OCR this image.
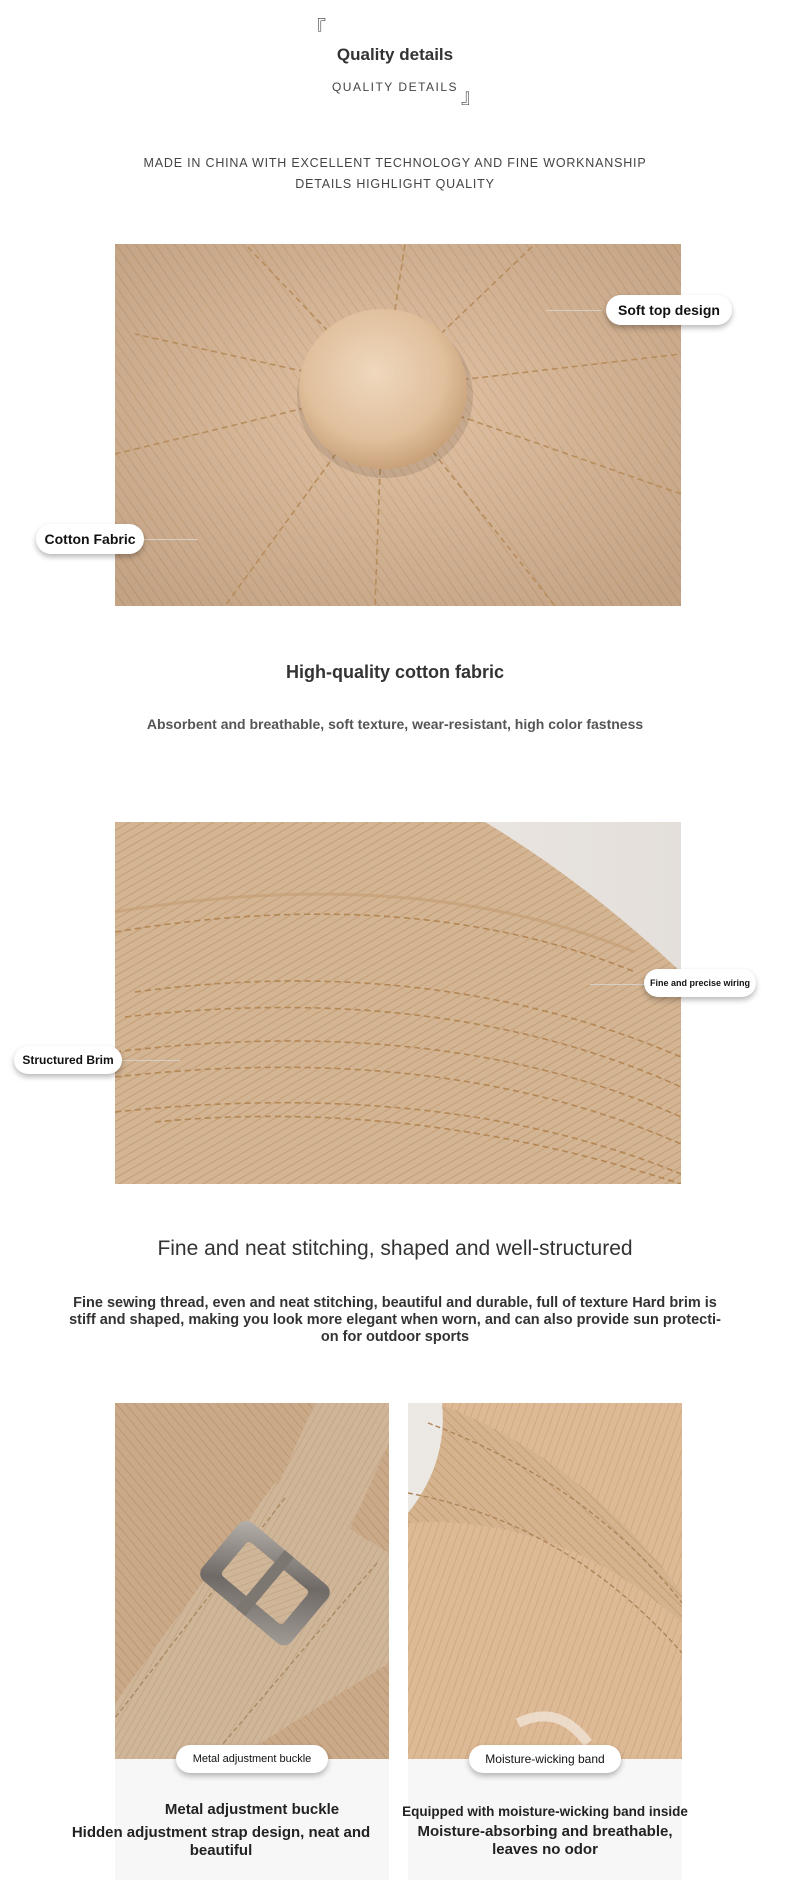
『
Quality details
QUALITY DETAILS 』
MADE IN CHINA WITH EXCELLENT TECHNOLOGY AND FINE WORKNANSHIP
DETAILS HIGHLIGHT QUALITY
Soft top design
Cotton Fabric
High-quality cotton fabric
Absorbent and breathable, soft texture, wear-resistant, high color fastness
Fine and precise wiring
Structured Brim
Fine and neat stitching, shaped and well-structured
Fine sewing thread, even and neat stitching, beautiful and durable, full of texture Hard brim is
stiff and shaped, making you look more elegant when worn, and can also provide sun protecti-
on for outdoor sports
Metal adjustment buckle	Moisture-wicking band
Metal adjustment buckle
Hidden adjustment strap design, neat and beautiful
Equipped with moisture-wicking band inside
Moisture-absorbing and breathable,
leaves no odor
